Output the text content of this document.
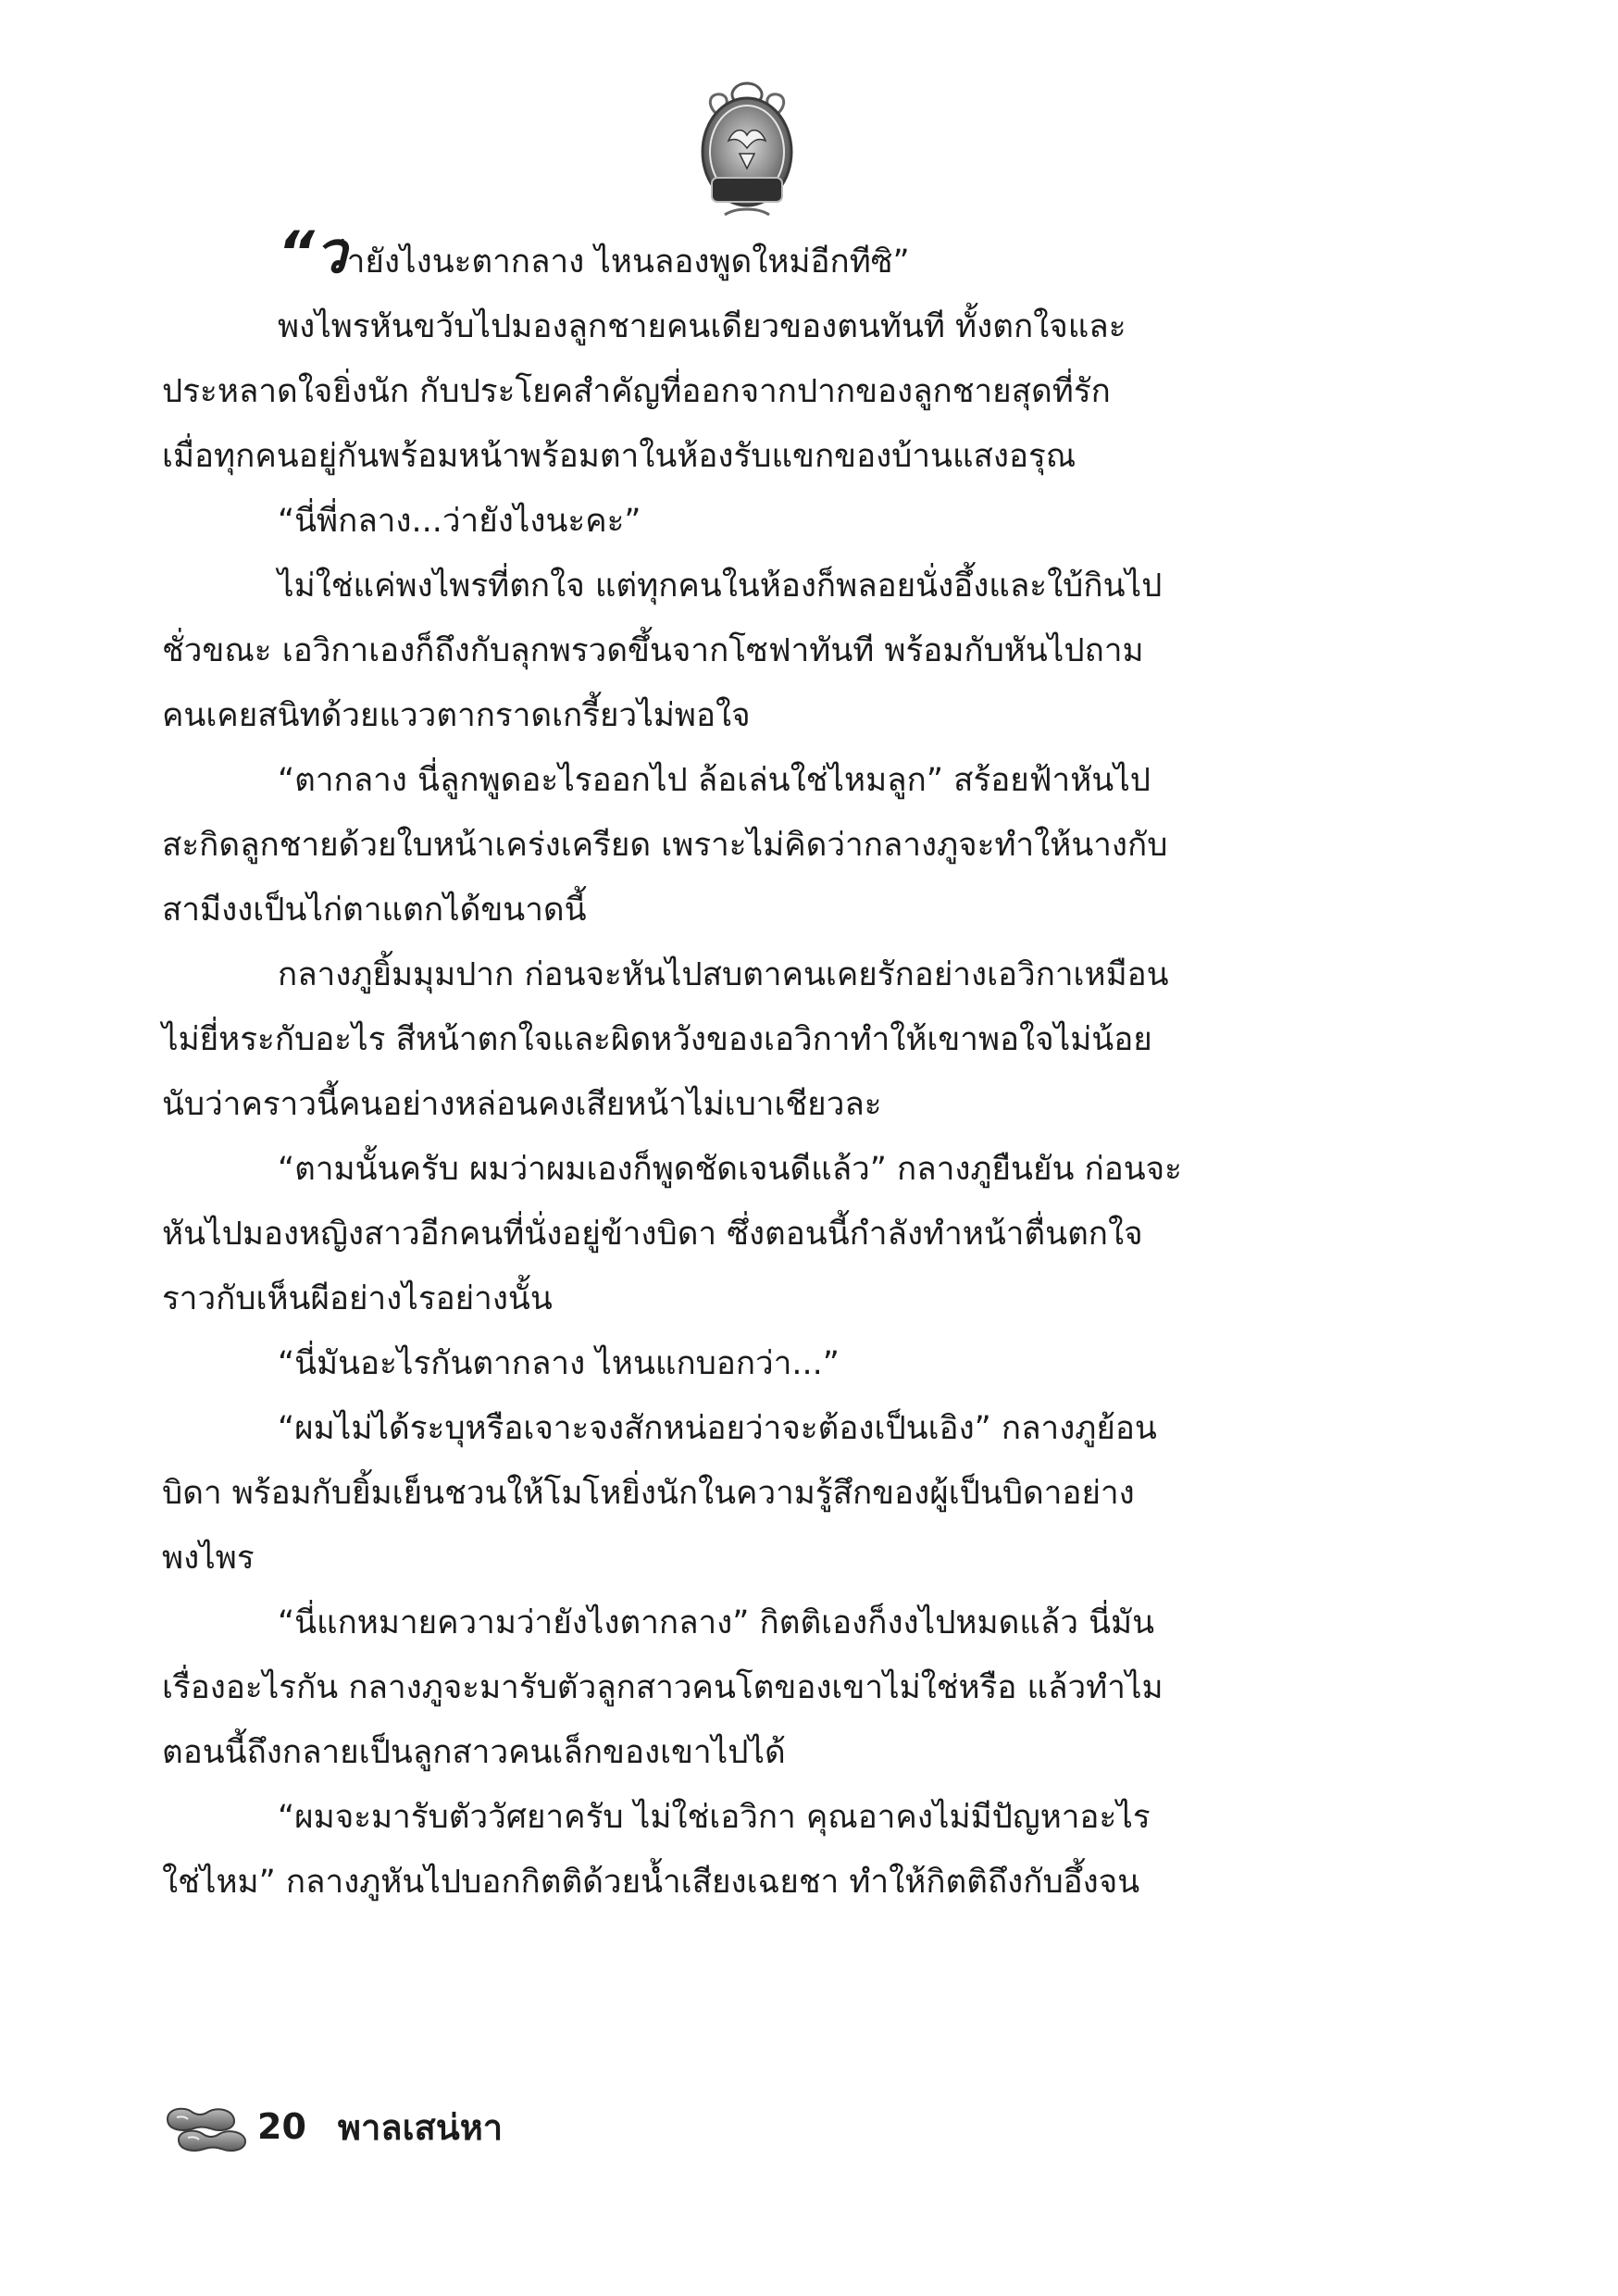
“ว่ายังไงนะตากลาง ไหนลองพูดใหม่อีกทีซิ”

พงไพรหันขวับไปมองลูกชายคนเดียวของตนทันที ทั้งตกใจและ

ประหลาดใจยิ่งนัก กับประโยคสำคัญที่ออกจากปากของลูกชายสุดที่รัก

เมื่อทุกคนอยู่กันพร้อมหน้าพร้อมตาในห้องรับแขกของบ้านแสงอรุณ

“นี่พี่กลาง...ว่ายังไงนะคะ”

ไม่ใช่แค่พงไพรที่ตกใจ แต่ทุกคนในห้องก็พลอยนั่งอึ้งและใบ้กินไป

ชั่วขณะ เอวิกาเองก็ถึงกับลุกพรวดขึ้นจากโซฟาทันที พร้อมกับหันไปถาม

คนเคยสนิทด้วยแววตากราดเกรี้ยวไม่พอใจ

“ตากลาง นี่ลูกพูดอะไรออกไป ล้อเล่นใช่ไหมลูก” สร้อยฟ้าหันไป

สะกิดลูกชายด้วยใบหน้าเคร่งเครียด เพราะไม่คิดว่ากลางภูจะทำให้นางกับ

สามีงงเป็นไก่ตาแตกได้ขนาดนี้

กลางภูยิ้มมุมปาก ก่อนจะหันไปสบตาคนเคยรักอย่างเอวิกาเหมือน

ไม่ยี่หระกับอะไร สีหน้าตกใจและผิดหวังของเอวิกาทำให้เขาพอใจไม่น้อย

นับว่าคราวนี้คนอย่างหล่อนคงเสียหน้าไม่เบาเชียวละ

“ตามนั้นครับ ผมว่าผมเองก็พูดชัดเจนดีแล้ว” กลางภูยืนยัน ก่อนจะ

หันไปมองหญิงสาวอีกคนที่นั่งอยู่ข้างบิดา ซึ่งตอนนี้กำลังทำหน้าตื่นตกใจ

ราวกับเห็นผีอย่างไรอย่างนั้น

“นี่มันอะไรกันตากลาง ไหนแกบอกว่า...”

“ผมไม่ได้ระบุหรือเจาะจงสักหน่อยว่าจะต้องเป็นเอิง” กลางภูย้อน

บิดา พร้อมกับยิ้มเย็นชวนให้โมโหยิ่งนักในความรู้สึกของผู้เป็นบิดาอย่าง

พงไพร

“นี่แกหมายความว่ายังไงตากลาง” กิตติเองก็งงไปหมดแล้ว นี่มัน

เรื่องอะไรกัน กลางภูจะมารับตัวลูกสาวคนโตของเขาไม่ใช่หรือ แล้วทำไม

ตอนนี้ถึงกลายเป็นลูกสาวคนเล็กของเขาไปได้

“ผมจะมารับตัววัศยาครับ ไม่ใช่เอวิกา คุณอาคงไม่มีปัญหาอะไร

ใช่ไหม” กลางภูหันไปบอกกิตติด้วยน้ำเสียงเฉยชา ทำให้กิตติถึงกับอึ้งจน

20 พาลเสน่หา
